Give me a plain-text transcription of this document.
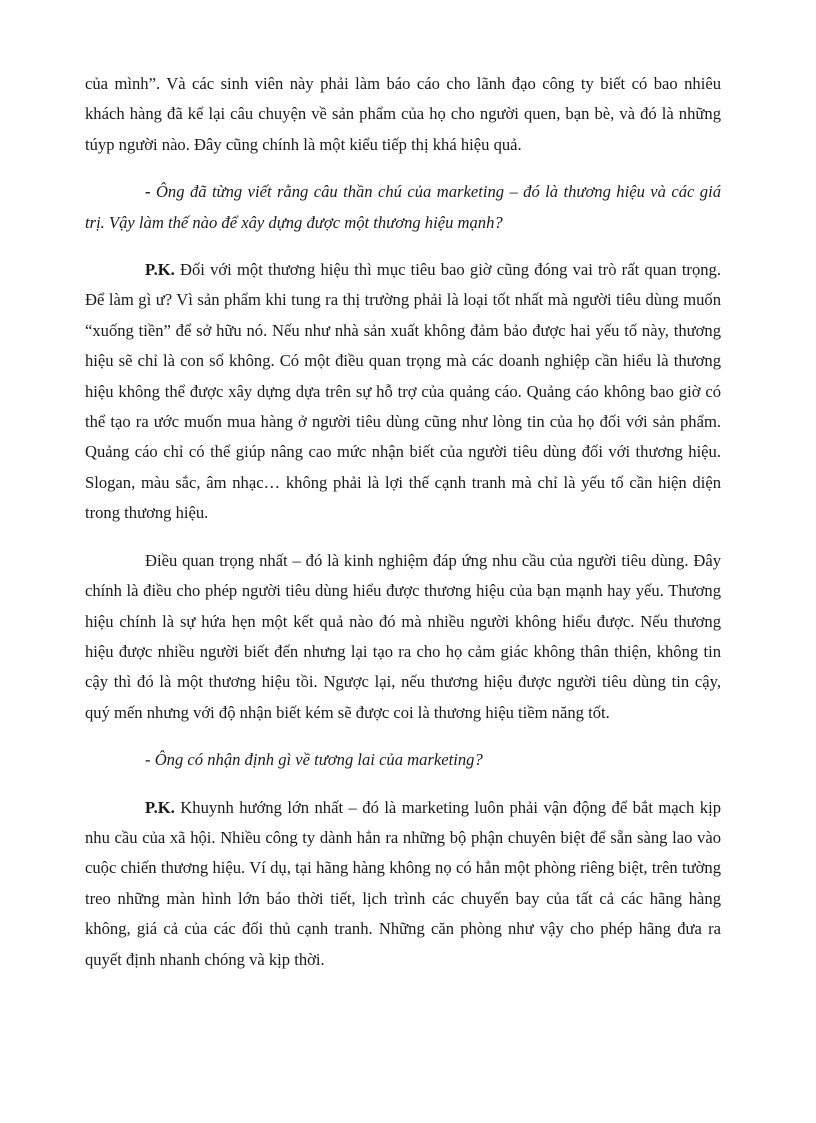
của mình”. Và các sinh viên này phải làm báo cáo cho lãnh đạo công ty biết có bao nhiêu khách hàng đã kể lại câu chuyện về sản phẩm của họ cho người quen, bạn bè, và đó là những túyp người nào. Đây cũng chính là một kiểu tiếp thị khá hiệu quả.

- Ông đã từng viết rằng câu thần chú của marketing – đó là thương hiệu và các giá trị. Vậy làm thế nào để xây dựng được một thương hiệu mạnh?

P.K. Đối với một thương hiệu thì mục tiêu bao giờ cũng đóng vai trò rất quan trọng. Để làm gì ư? Vì sản phẩm khi tung ra thị trường phải là loại tốt nhất mà người tiêu dùng muốn “xuống tiền” để sở hữu nó. Nếu như nhà sản xuất không đảm bảo được hai yếu tố này, thương hiệu sẽ chỉ là con số không. Có một điều quan trọng mà các doanh nghiệp cần hiểu là thương hiệu không thể được xây dựng dựa trên sự hỗ trợ của quảng cáo. Quảng cáo không bao giờ có thể tạo ra ước muốn mua hàng ở người tiêu dùng cũng như lòng tin của họ đối với sản phẩm. Quảng cáo chỉ có thể giúp nâng cao mức nhận biết của người tiêu dùng đối với thương hiệu. Slogan, màu sắc, âm nhạc… không phải là lợi thế cạnh tranh mà chỉ là yếu tố cần hiện diện trong thương hiệu.

Điều quan trọng nhất – đó là kinh nghiệm đáp ứng nhu cầu của người tiêu dùng. Đây chính là điều cho phép người tiêu dùng hiểu được thương hiệu của bạn mạnh hay yếu. Thương hiệu chính là sự hứa hẹn một kết quả nào đó mà nhiều người không hiểu được. Nếu thương hiệu được nhiều người biết đến nhưng lại tạo ra cho họ cảm giác không thân thiện, không tin cậy thì đó là một thương hiệu tồi. Ngược lại, nếu thương hiệu được người tiêu dùng tin cậy, quý mến nhưng với độ nhận biết kém sẽ được coi là thương hiệu tiềm năng tốt.

- Ông có nhận định gì về tương lai của marketing?

P.K. Khuynh hướng lớn nhất – đó là marketing luôn phải vận động để bắt mạch kịp nhu cầu của xã hội. Nhiều công ty dành hẳn ra những bộ phận chuyên biệt để sẵn sàng lao vào cuộc chiến thương hiệu. Ví dụ, tại hãng hàng không nọ có hẳn một phòng riêng biệt, trên tường treo những màn hình lớn báo thời tiết, lịch trình các chuyến bay của tất cả các hãng hàng không, giá cả của các đối thủ cạnh tranh. Những căn phòng như vậy cho phép hãng đưa ra quyết định nhanh chóng và kịp thời.
